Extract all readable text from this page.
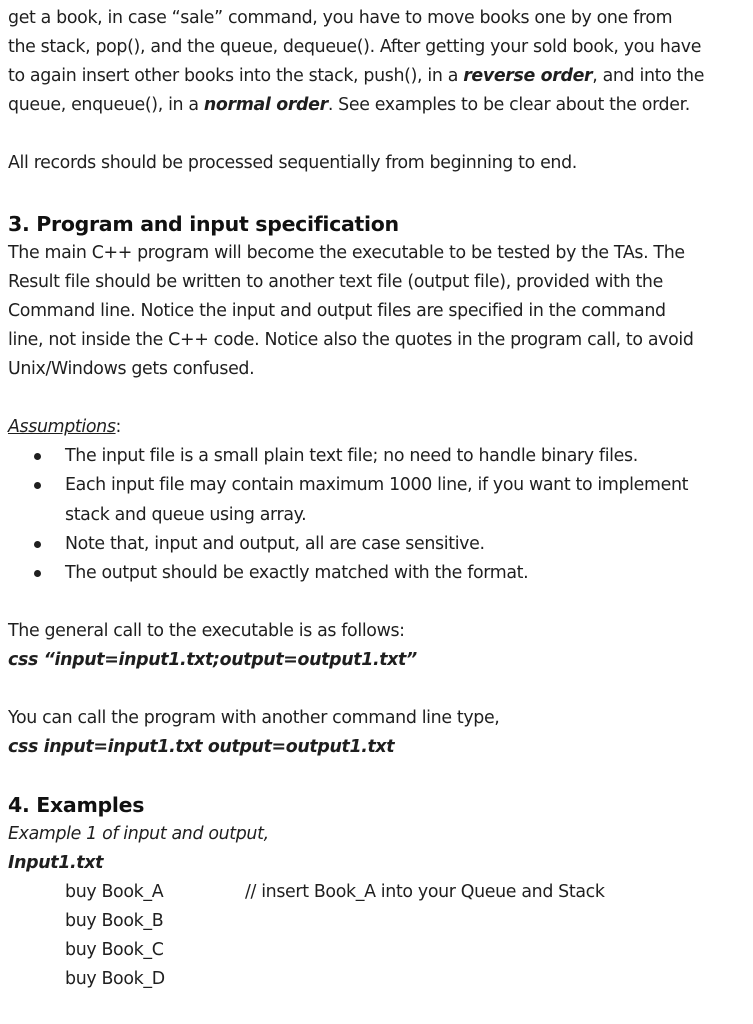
get a book, in case “sale” command, you have to move books one by one from

the stack, pop(), and the queue, dequeue(). After getting your sold book, you have

to again insert other books into the stack, push(), in a reverse order, and into the

queue, enqueue(), in a normal order. See examples to be clear about the order.

All records should be processed sequentially from beginning to end.

3. Program and input specification

The main C++ program will become the executable to be tested by the TAs. The

Result file should be written to another text file (output file), provided with the

Command line. Notice the input and output files are specified in the command

line, not inside the C++ code. Notice also the quotes in the program call, to avoid

Unix/Windows gets confused.

Assumptions:

The input file is a small plain text file; no need to handle binary files.
Each input file may contain maximum 1000 line, if you want to implement
stack and queue using array.
Note that, input and output, all are case sensitive.
The output should be exactly matched with the format.

The general call to the executable is as follows:

css “input=input1.txt;output=output1.txt”

You can call the program with another command line type,

css input=input1.txt output=output1.txt

4. Examples

Example 1 of input and output,

Input1.txt

buy Book_A	// insert Book_A into your Queue and Stack

buy Book_B

buy Book_C

buy Book_D
